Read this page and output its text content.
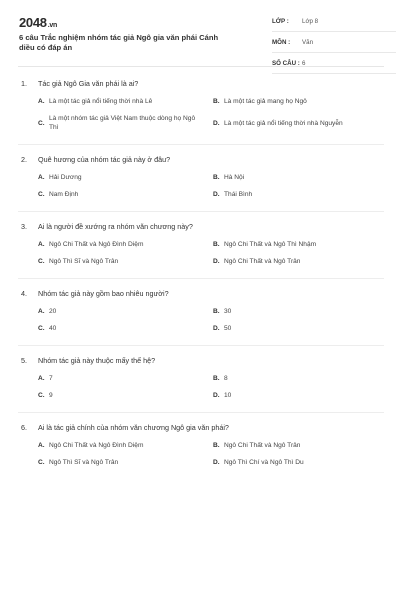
2048.vn
6 câu Trắc nghiệm nhóm tác giả Ngô gia văn phái Cánh diều có đáp án
LỚP : Lớp 8
MÔN : Văn
SỐ CÂU : 6
1. Tác giả Ngô Gia văn phái là ai?
A. Là một tác giả nổi tiếng thời nhà Lê	B. Là một tác giả mang họ Ngô
C.
Là một nhóm tác giả Việt Nam thuộc dòng họ Ngô Thì
D. Là một tác giả nổi tiếng thời nhà Nguyễn
2. Quê hương của nhóm tác giả này ở đâu?
A. Hải Dương	B. Hà Nội
C. Nam Định	D. Thái Bình
3. Ai là người đề xướng ra nhóm văn chương này?
A. Ngô Chi Thất và Ngô Đình Diệm	B. Ngô Chi Thất và Ngô Thì Nhậm
C. Ngô Thì Sĩ và Ngô Trân	D. Ngô Chi Thất và Ngô Trân
4. Nhóm tác giả này gồm bao nhiêu người?
A. 20	B. 30
C. 40	D. 50
5. Nhóm tác giả này thuộc mấy thế hệ?
A. 7	B. 8
C. 9	D. 10
6. Ai là tác giả chính của nhóm văn chương Ngô gia văn phái?
A. Ngô Chi Thất và Ngô Đình Diệm	B. Ngô Chi Thất và Ngô Trân
C. Ngô Thì Sĩ và Ngô Trân	D. Ngô Thì Chí và Ngô Thì Du
